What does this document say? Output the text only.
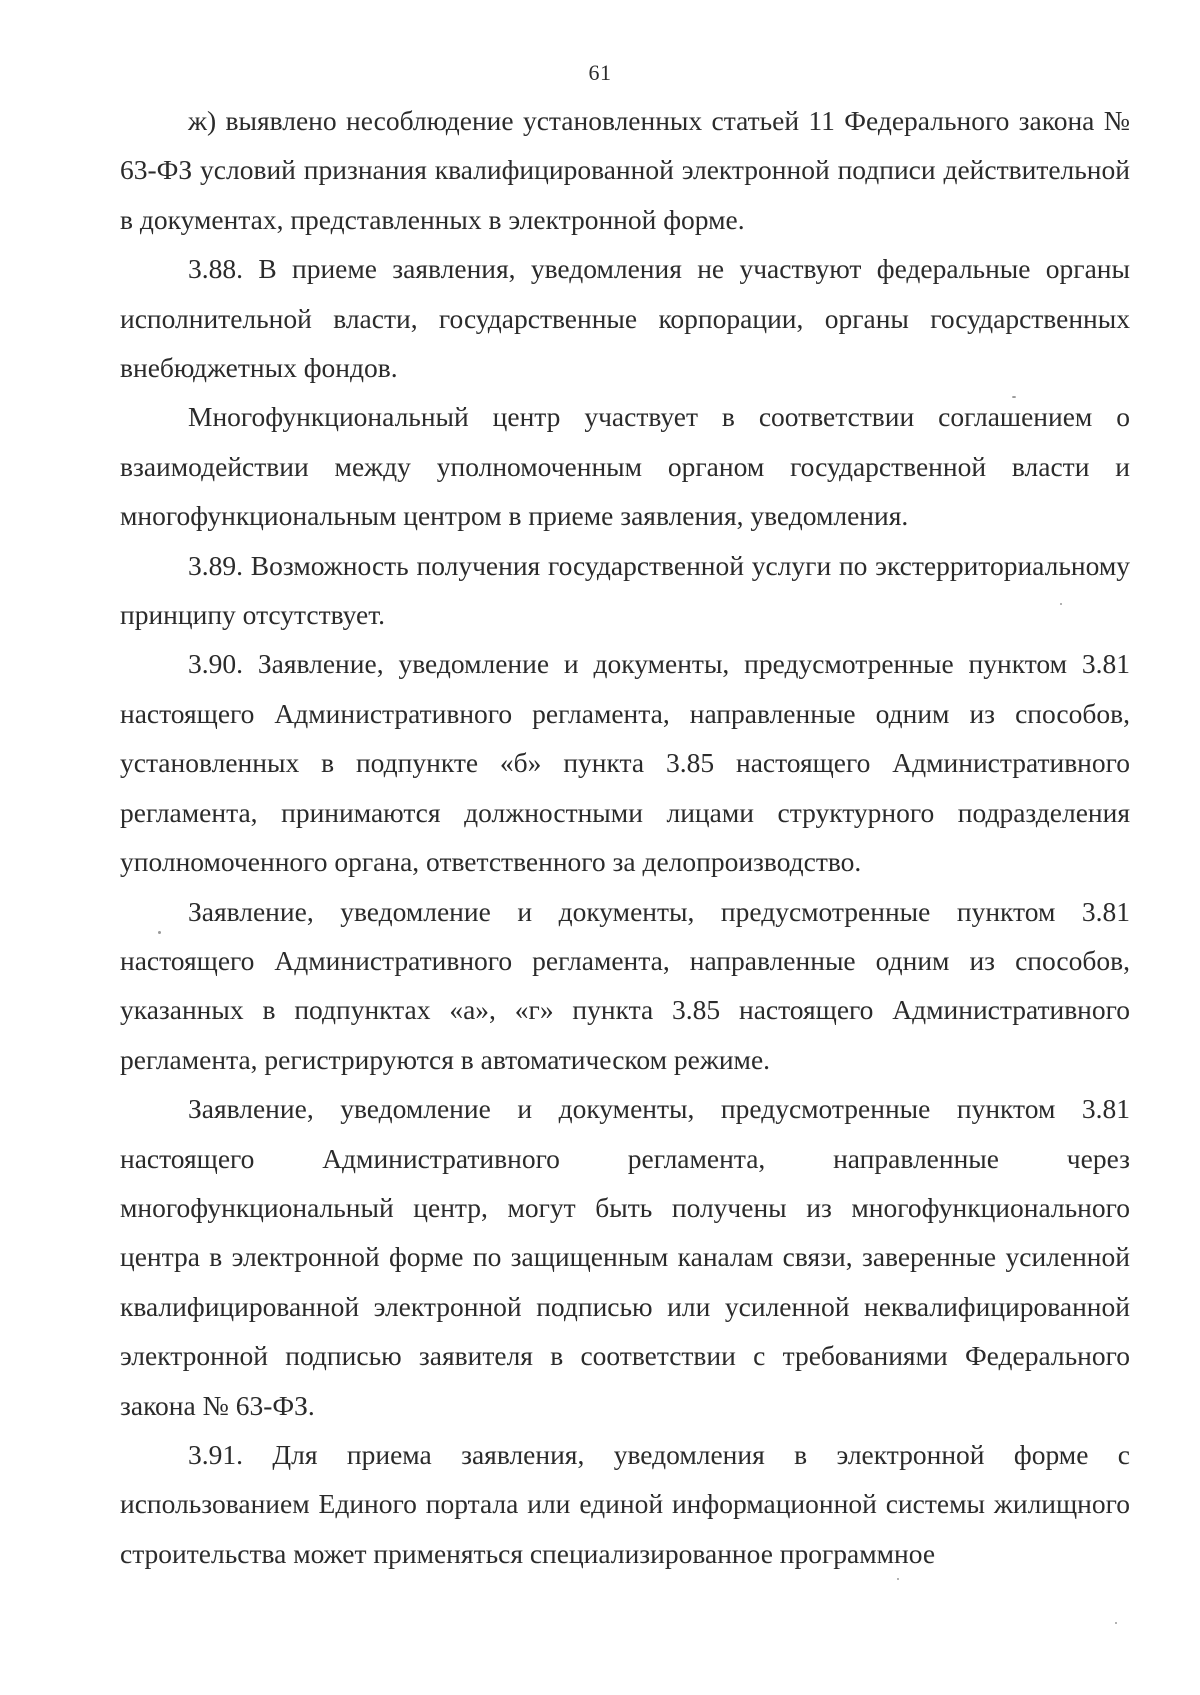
61

ж) выявлено несоблюдение установленных статьей 11 Федерального закона № 63-ФЗ условий признания квалифицированной электронной подписи действительной в документах, представленных в электронной форме.

3.88. В приеме заявления, уведомления не участвуют федеральные органы исполнительной власти, государственные корпорации, органы государственных внебюджетных фондов.

Многофункциональный центр участвует в соответствии соглашением о взаимодействии между уполномоченным органом государственной власти и многофункциональным центром в приеме заявления, уведомления.

3.89. Возможность получения государственной услуги по экстерриториальному принципу отсутствует.

3.90. Заявление, уведомление и документы, предусмотренные пунктом 3.81 настоящего Административного регламента, направленные одним из способов, установленных в подпункте «б» пункта 3.85 настоящего Административного регламента, принимаются должностными лицами структурного подразделения уполномоченного органа, ответственного за делопроизводство.

Заявление, уведомление и документы, предусмотренные пунктом 3.81 настоящего Административного регламента, направленные одним из способов, указанных в подпунктах «а», «г» пункта 3.85 настоящего Административного регламента, регистрируются в автоматическом режиме.

Заявление, уведомление и документы, предусмотренные пунктом 3.81 настоящего Административного регламента, направленные через многофункциональный центр, могут быть получены из многофункционального центра в электронной форме по защищенным каналам связи, заверенные усиленной квалифицированной электронной подписью или усиленной неквалифицированной электронной подписью заявителя в соответствии с требованиями Федерального закона № 63-ФЗ.

3.91. Для приема заявления, уведомления в электронной форме с использованием Единого портала или единой информационной системы жилищного строительства может применяться специализированное программное
